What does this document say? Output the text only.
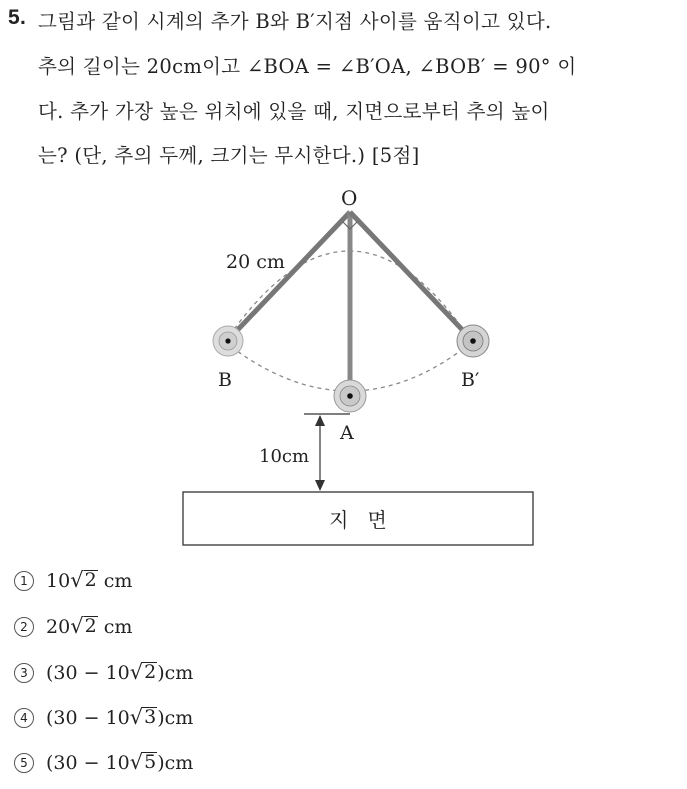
5. 그림과 같이 시계의 추가 B와 B′지점 사이를 움직이고 있다.
추의 길이는 20cm이고 ∠BOA = ∠B′OA, ∠BOB′ = 90° 이
다. 추가 가장 높은 위치에 있을 때, 지면으로부터 추의 높이
는? (단, 추의 두께, 크기는 무시한다.) [5점]
O
20 cm
B	B′
A
10cm
지   면
1 10 √ 2 cm
2 20 √ 2 cm
3 (30 − 10 √ 2 )cm
4 (30 − 10 √ 3 )cm
5 (30 − 10 √ 5 )cm
